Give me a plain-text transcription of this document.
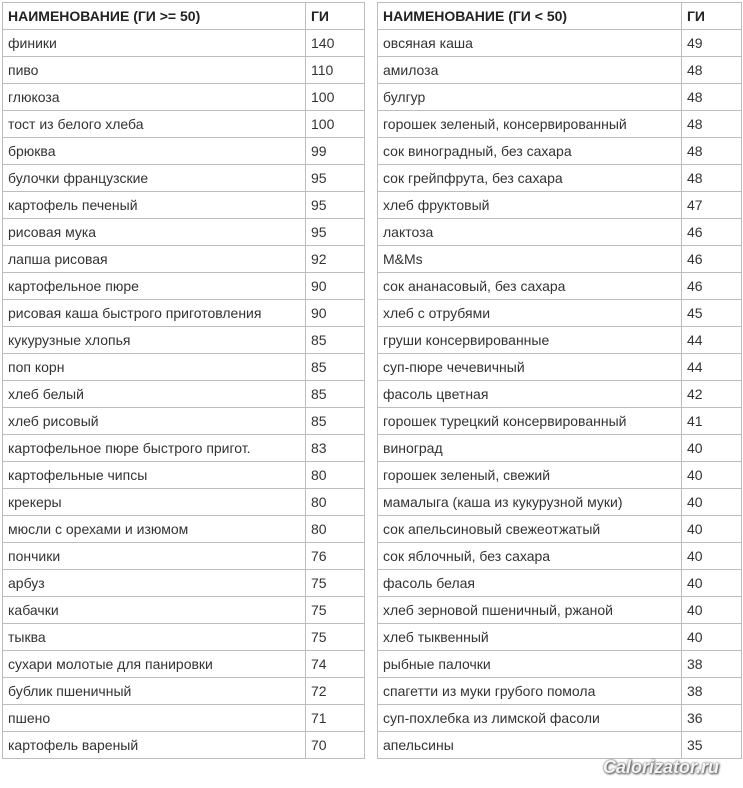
НАИМЕНОВАНИЕ (ГИ >= 50)	ГИ
финики	140
пиво	110
глюкоза	100
тост из белого хлеба	100
брюква	99
булочки французские	95
картофель печеный	95
рисовая мука	95
лапша рисовая	92
картофельное пюре	90
рисовая каша быстрого приготовления	90
кукурузные хлопья	85
поп корн	85
хлеб белый	85
хлеб рисовый	85
картофельное пюре быстрого пригот.	83
картофельные чипсы	80
крекеры	80
мюсли с орехами и изюмом	80
пончики	76
арбуз	75
кабачки	75
тыква	75
сухари молотые для панировки	74
бублик пшеничный	72
пшено	71
картофель вареный	70
НАИМЕНОВАНИЕ (ГИ < 50)	ГИ
овсяная каша	49
амилоза	48
булгур	48
горошек зеленый, консервированный	48
сок виноградный, без сахара	48
сок грейпфрута, без сахара	48
хлеб фруктовый	47
лактоза	46
M&Ms	46
сок ананасовый, без сахара	46
хлеб с отрубями	45
груши консервированные	44
суп-пюре чечевичный	44
фасоль цветная	42
горошек турецкий консервированный	41
виноград	40
горошек зеленый, свежий	40
мамалыга (каша из кукурузной муки)	40
сок апельсиновый свежеотжатый	40
сок яблочный, без сахара	40
фасоль белая	40
хлеб зерновой пшеничный, ржаной	40
хлеб тыквенный	40
рыбные палочки	38
спагетти из муки грубого помола	38
суп-похлебка из лимской фасоли	36
апельсины	35
Calorizator.ru
